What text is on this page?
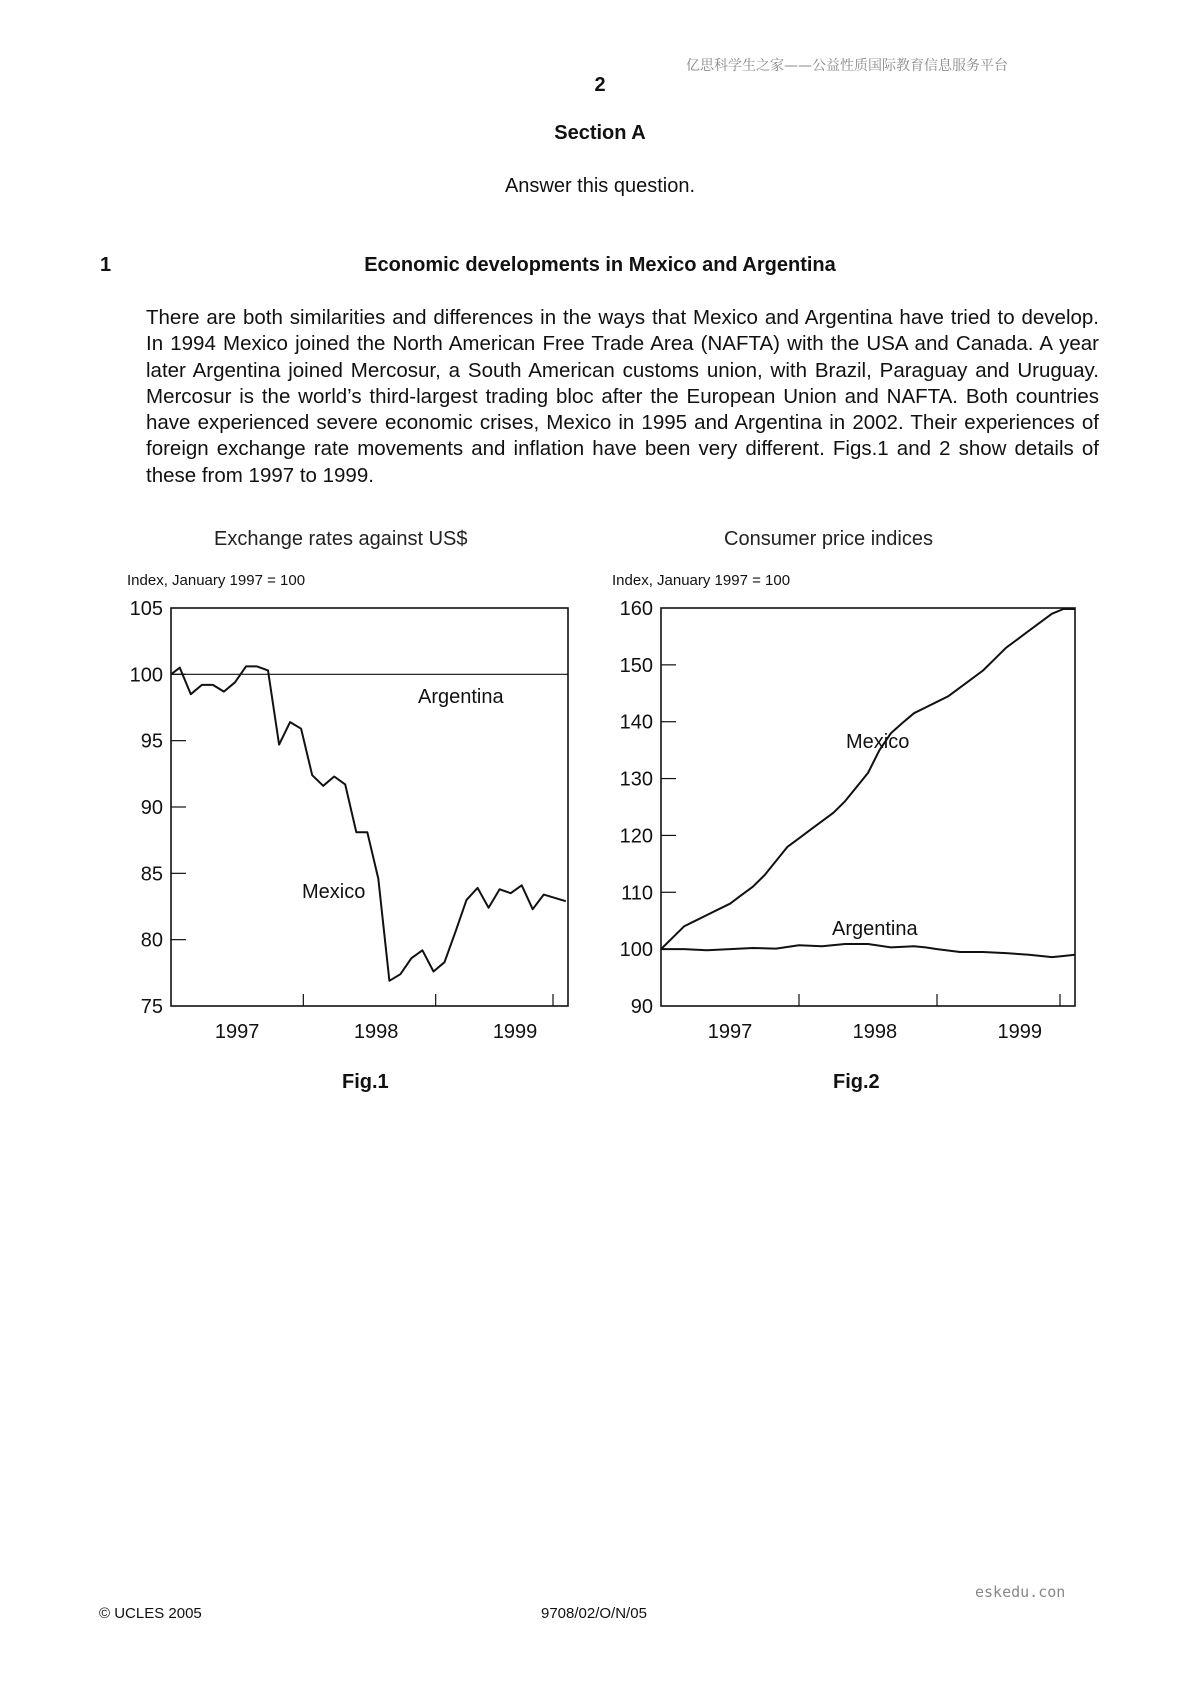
亿思科学生之家——公益性质国际教育信息服务平台
2
Section A
Answer this question.
1	Economic developments in Mexico and Argentina
There are both similarities and differences in the ways that Mexico and Argentina have tried to develop. In 1994 Mexico joined the North American Free Trade Area (NAFTA) with the USA and Canada. A year later Argentina joined Mercosur, a South American customs union, with Brazil, Paraguay and Uruguay. Mercosur is the world’s third-largest trading bloc after the European Union and NAFTA. Both countries have experienced severe economic crises, Mexico in 1995 and Argentina in 2002. Their experiences of foreign exchange rate movements and inflation have been very different. Figs.1 and 2 show details of these from 1997 to 1999.
Exchange rates against US$
Index, January 1997 = 100
75
80
85
90
95
100
105
1997	1998	1999
Argentina
Mexico
Fig.1
Consumer price indices
Index, January 1997 = 100
90
100
110
120
130
140
150
160
1997	1998	1999
Mexico
Argentina
Fig.2
eskedu.con
© UCLES 2005	9708/02/O/N/05
